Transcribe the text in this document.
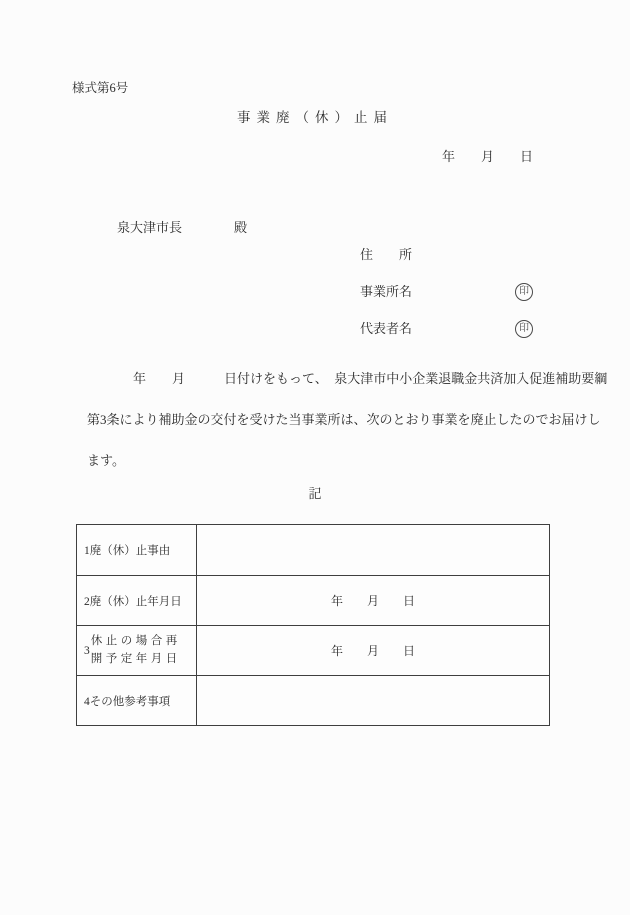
様式第6号
事業廃（休）止届
年　　月　　日

泉大津市長	殿

住　　所
事業所名
代表者名
印
印
年　　月　　　日付けをもって、　泉大津市中小企業退職金共済加入促進補助要綱
第3条により補助金の交付を受けた当事業所は、次のとおり事業を廃止したのでお届けし
ます。
記
1廃（休）止事由	
2廃（休）止年月日	年　　月　　日

3
休止の場合再
開予定年月日	年　　月　　日
4その他参考事項	
